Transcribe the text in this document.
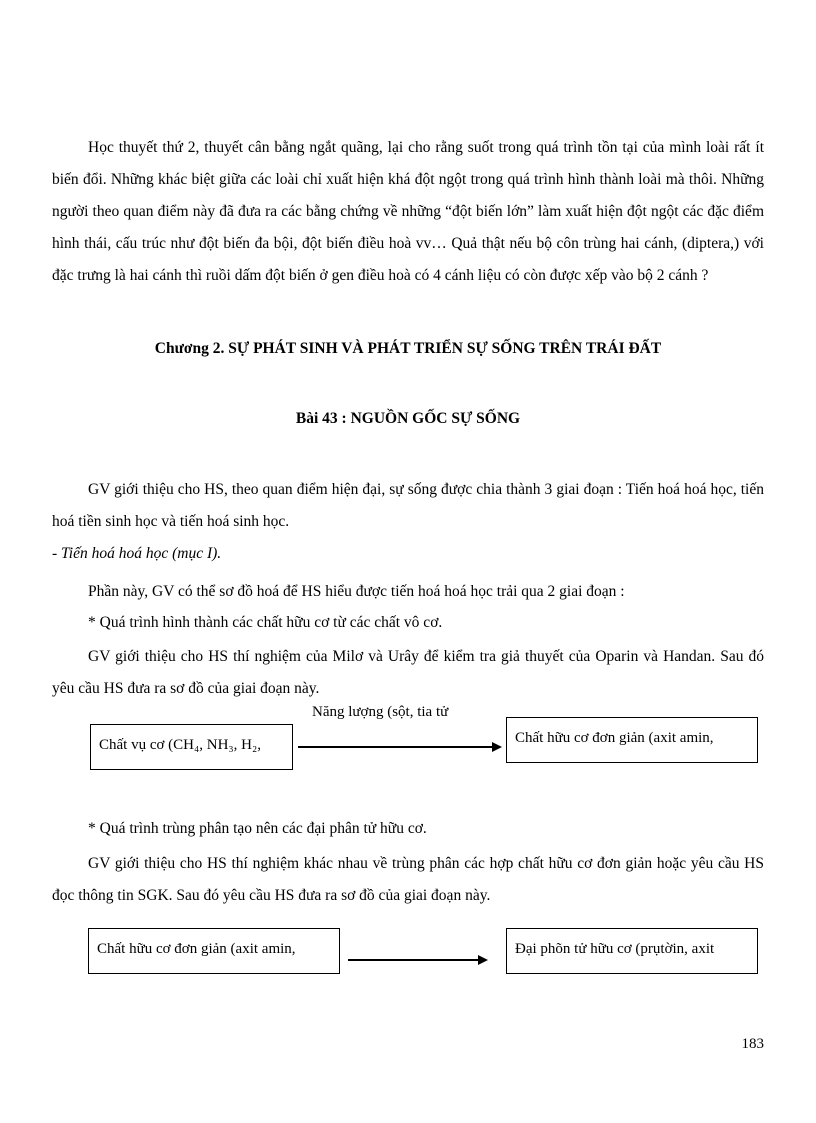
Học thuyết thứ 2, thuyết cân bằng ngắt quãng, lại cho rằng suốt trong quá trình tồn tại của mình loài rất ít biến đổi. Những khác biệt giữa các loài chỉ xuất hiện khá đột ngột trong quá trình hình thành loài mà thôi. Những người theo quan điểm này đã đưa ra các bằng chứng về những “đột biến lớn” làm xuất hiện đột ngột các đặc điểm hình thái, cấu trúc như đột biến đa bội, đột biến điều hoà vv… Quả thật nếu bộ côn trùng hai cánh, (diptera,) với đặc trưng là hai cánh thì ruồi dấm đột biến ở gen điều hoà có 4 cánh liệu có còn được xếp vào bộ 2 cánh ?

Chương 2. SỰ PHÁT SINH VÀ PHÁT TRIỂN SỰ SỐNG TRÊN TRÁI ĐẤT
Bài 43 : NGUỒN GỐC SỰ SỐNG

GV giới thiệu cho HS, theo quan điểm hiện đại, sự sống được chia thành 3 giai đoạn : Tiến hoá hoá học, tiến hoá tiền sinh học và tiến hoá sinh học.

- Tiến hoá hoá học (mục I).

Phần này, GV có thể sơ đồ hoá để HS hiểu được tiến hoá hoá học trải qua 2 giai đoạn :

* Quá trình hình thành các chất hữu cơ từ các chất vô cơ.

GV giới thiệu cho HS thí nghiệm của Milơ và Urây để kiểm tra giả thuyết của Oparin và Handan. Sau đó yêu cầu HS đưa ra sơ đồ của giai đoạn này.

Chất vụ cơ (CH₄, NH₃, H₂,
Năng lượng (sột, tia tử
Chất hữu cơ đơn giản (axit amin,

* Quá trình trùng phân tạo nên các đại phân tử hữu cơ.

GV giới thiệu cho HS thí nghiệm khác nhau về trùng phân các hợp chất hữu cơ đơn giản hoặc yêu cầu HS đọc thông tin SGK. Sau đó yêu cầu HS đưa ra sơ đồ của giai đoạn này.

Chất hữu cơ đơn giản (axit amin,	Đại phõn tử hữu cơ (prụtờin, axit
183
